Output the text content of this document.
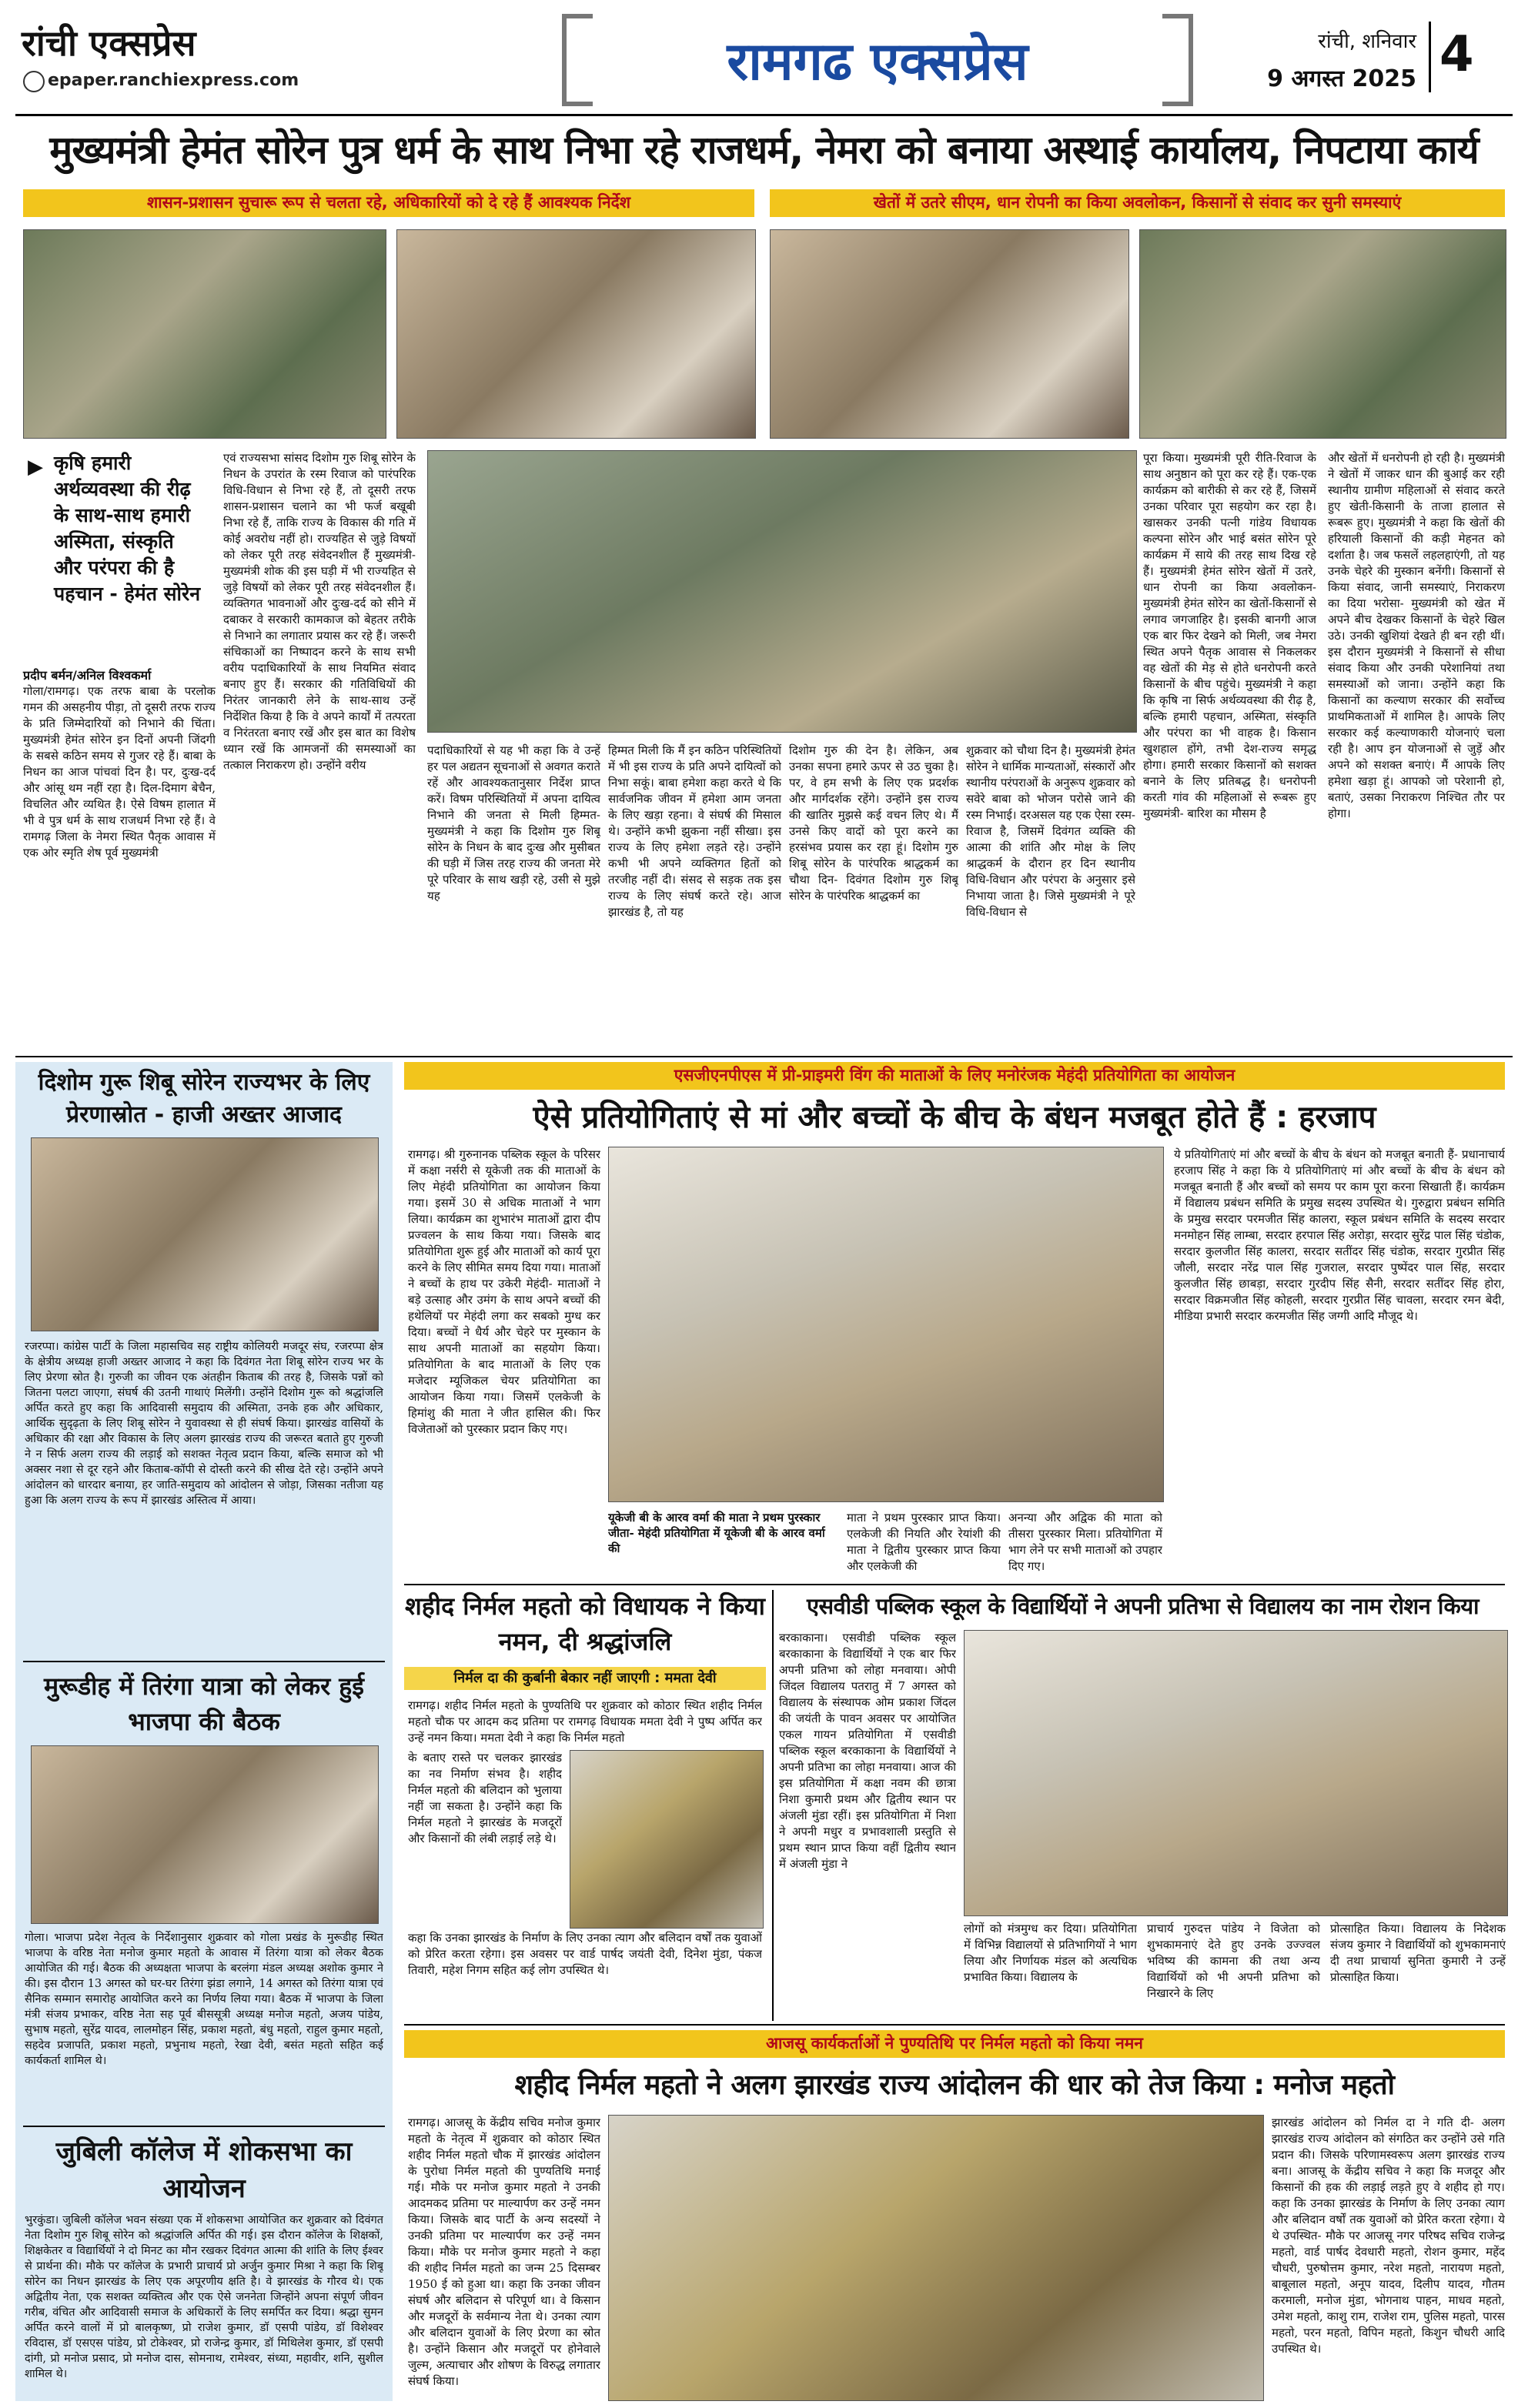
रांची एक्सप्रेस
epaper.ranchiexpress.com	रामगढ एक्सप्रेस	रांची, शनिवार
9 अगस्त 2025 4
मुख्यमंत्री हेमंत सोरेन पुत्र धर्म के साथ निभा रहे राजधर्म, नेमरा को बनाया अस्थाई कार्यालय, निपटाया कार्य
शासन-प्रशासन सुचारू रूप से चलता रहे, अधिकारियों को दे रहे हैं आवश्यक निर्देश	खेतों में उतरे सीएम, धान रोपनी का किया अवलोकन, किसानों से संवाद कर सुनी समस्याएं
▶ कृषि हमारी अर्थव्यवस्था की रीढ़ के साथ-साथ हमारी अस्मिता, संस्कृति और परंपरा की है पहचान - हेमंत सोरेन
प्रदीप बर्मन/अनिल विश्वकर्मा
गोला/रामगढ़। एक तरफ बाबा के परलोक गमन की असहनीय पीड़ा, तो दूसरी तरफ राज्य के प्रति जिम्मेदारियों को निभाने की चिंता। मुख्यमंत्री हेमंत सोरेन इन दिनों अपनी जिंदगी के सबसे कठिन समय से गुजर रहे हैं। बाबा के निधन का आज पांचवां दिन है। पर, दुःख-दर्द और आंसू थम नहीं रहा है। दिल-दिमाग बेचैन, विचलित और व्यथित है। ऐसे विषम हालात में भी वे पुत्र धर्म के साथ राजधर्म निभा रहे हैं। वे रामगढ़ जिला के नेमरा स्थित पैतृक आवास में एक ओर स्मृति शेष पूर्व मुख्यमंत्री
एवं राज्यसभा सांसद दिशोम गुरु शिबू सोरेन के निधन के उपरांत के रस्म रिवाज को पारंपरिक विधि-विधान से निभा रहे हैं, तो दूसरी तरफ शासन-प्रशासन चलाने का भी फर्ज बखूबी निभा रहे हैं, ताकि राज्य के विकास की गति में कोई अवरोध नहीं हो। राज्यहित से जुड़े विषयों को लेकर पूरी तरह संवेदनशील हैं मुख्यमंत्री- मुख्यमंत्री शोक की इस घड़ी में भी राज्यहित से जुड़े विषयों को लेकर पूरी तरह संवेदनशील हैं। व्यक्तिगत भावनाओं और दुःख-दर्द को सीने में दबाकर वे सरकारी कामकाज को बेहतर तरीके से निभाने का लगातार प्रयास कर रहे हैं। जरूरी संचिकाओं का निष्पादन करने के साथ सभी वरीय पदाधिकारियों के साथ नियमित संवाद बनाए हुए हैं। सरकार की गतिविधियों की निरंतर जानकारी लेने के साथ-साथ उन्हें निर्देशित किया है कि वे अपने कार्यों में तत्परता व निरंतरता बनाए रखें और इस बात का विशेष ध्यान रखें कि आमजनों की समस्याओं का तत्काल निराकरण हो। उन्होंने वरीय
पदाधिकारियों से यह भी कहा कि वे उन्हें हर पल अद्यतन सूचनाओं से अवगत कराते रहें और आवश्यकतानुसार निर्देश प्राप्त करें। विषम परिस्थितियों में अपना दायित्व निभाने की जनता से मिली हिम्मत- मुख्यमंत्री ने कहा कि दिशोम गुरु शिबू सोरेन के निधन के बाद दुःख और मुसीबत की घड़ी में जिस तरह राज्य की जनता मेरे पूरे परिवार के साथ खड़ी रहे, उसी से मुझे यह
हिम्मत मिली कि मैं इन कठिन परिस्थितियों में भी इस राज्य के प्रति अपने दायित्वों को निभा सकूं। बाबा हमेशा कहा करते थे कि सार्वजनिक जीवन में हमेशा आम जनता के लिए खड़ा रहना। वे संघर्ष की मिसाल थे। उन्होंने कभी झुकना नहीं सीखा। इस राज्य के लिए हमेशा लड़ते रहे। उन्होंने कभी भी अपने व्यक्तिगत हितों को तरजीह नहीं दी। संसद से सड़क तक इस राज्य के लिए संघर्ष करते रहे। आज झारखंड है, तो यह
दिशोम गुरु की देन है। लेकिन, अब उनका सपना हमारे ऊपर से उठ चुका है। पर, वे हम सभी के लिए एक प्रदर्शक और मार्गदर्शक रहेंगे। उन्होंने इस राज्य की खातिर मुझसे कई वचन लिए थे। मैं उनसे किए वादों को पूरा करने का हरसंभव प्रयास कर रहा हूं। दिशोम गुरु शिबू सोरेन के पारंपरिक श्राद्धकर्म का चौथा दिन- दिवंगत दिशोम गुरु शिबू सोरेन के पारंपरिक श्राद्धकर्म का
शुक्रवार को चौथा दिन है। मुख्यमंत्री हेमंत सोरेन ने धार्मिक मान्यताओं, संस्कारों और स्थानीय परंपराओं के अनुरूप शुक्रवार को सवेरे बाबा को भोजन परोसे जाने की रस्म निभाई। दरअसल यह एक ऐसा रस्म-रिवाज है, जिसमें दिवंगत व्यक्ति की आत्मा की शांति और मोक्ष के लिए श्राद्धकर्म के दौरान हर दिन स्थानीय विधि-विधान और परंपरा के अनुसार इसे निभाया जाता है। जिसे मुख्यमंत्री ने पूरे विधि-विधान से
पूरा किया। मुख्यमंत्री पूरी रीति-रिवाज के साथ अनुष्ठान को पूरा कर रहे हैं। एक-एक कार्यक्रम को बारीकी से कर रहे हैं, जिसमें उनका परिवार पूरा सहयोग कर रहा है। खासकर उनकी पत्नी गांडेय विधायक कल्पना सोरेन और भाई बसंत सोरेन पूरे कार्यक्रम में साये की तरह साथ दिख रहे हैं। मुख्यमंत्री हेमंत सोरेन खेतों में उतरे, धान रोपनी का किया अवलोकन- मुख्यमंत्री हेमंत सोरेन का खेतों-किसानों से लगाव जगजाहिर है। इसकी बानगी आज एक बार फिर देखने को मिली, जब नेमरा स्थित अपने पैतृक आवास से निकलकर वह खेतों की मेड़ से होते धनरोपनी करते किसानों के बीच पहुंचे। मुख्यमंत्री ने कहा कि कृषि ना सिर्फ अर्थव्यवस्था की रीढ़ है, बल्कि हमारी पहचान, अस्मिता, संस्कृति और परंपरा का भी वाहक है। किसान खुशहाल होंगे, तभी देश-राज्य समृद्ध होगा। हमारी सरकार किसानों को सशक्त बनाने के लिए प्रतिबद्ध है। धनरोपनी करती गांव की महिलाओं से रूबरू हुए मुख्यमंत्री- बारिश का मौसम है
और खेतों में धनरोपनी हो रही है। मुख्यमंत्री ने खेतों में जाकर धान की बुआई कर रही स्थानीय ग्रामीण महिलाओं से संवाद करते हुए खेती-किसानी के ताजा हालात से रूबरू हुए। मुख्यमंत्री ने कहा कि खेतों की हरियाली किसानों की कड़ी मेहनत को दर्शाता है। जब फसलें लहलहाएंगी, तो यह उनके चेहरे की मुस्कान बनेंगी। किसानों से किया संवाद, जानी समस्याएं, निराकरण का दिया भरोसा- मुख्यमंत्री को खेत में अपने बीच देखकर किसानों के चेहरे खिल उठे। उनकी खुशियां देखते ही बन रही थीं। इस दौरान मुख्यमंत्री ने किसानों से सीधा संवाद किया और उनकी परेशानियां तथा समस्याओं को जाना। उन्होंने कहा कि किसानों का कल्याण सरकार की सर्वोच्च प्राथमिकताओं में शामिल है। आपके लिए सरकार कई कल्याणकारी योजनाएं चला रही है। आप इन योजनाओं से जुड़ें और अपने को सशक्त बनाएं। मैं आपके लिए हमेशा खड़ा हूं। आपको जो परेशानी हो, बताएं, उसका निराकरण निश्चित तौर पर होगा।
दिशोम गुरू शिबू सोरेन राज्यभर के लिए प्रेरणास्रोत - हाजी अख्तर आजाद
रजरप्पा। कांग्रेस पार्टी के जिला महासचिव सह राष्ट्रीय कोलियरी मजदूर संघ, रजरप्पा क्षेत्र के क्षेत्रीय अध्यक्ष हाजी अख्तर आजाद ने कहा कि दिवंगत नेता शिबू सोरेन राज्य भर के लिए प्रेरणा स्रोत है। गुरुजी का जीवन एक अंतहीन किताब की तरह है, जिसके पन्नों को जितना पलटा जाएगा, संघर्ष की उतनी गाथाएं मिलेंगी। उन्होंने दिशोम गुरू को श्रद्धांजलि अर्पित करते हुए कहा कि आदिवासी समुदाय की अस्मिता, उनके हक और अधिकार, आर्थिक सुदृढ़ता के लिए शिबू सोरेन ने युवावस्था से ही संघर्ष किया। झारखंड वासियों के अधिकार की रक्षा और विकास के लिए अलग झारखंड राज्य की जरूरत बताते हुए गुरुजी ने न सिर्फ अलग राज्य की लड़ाई को सशक्त नेतृत्व प्रदान किया, बल्कि समाज को भी अक्सर नशा से दूर रहने और किताब-कॉपी से दोस्ती करने की सीख देते रहे। उन्होंने अपने आंदोलन को धारदार बनाया, हर जाति-समुदाय को आंदोलन से जोड़ा, जिसका नतीजा यह हुआ कि अलग राज्य के रूप में झारखंड अस्तित्व में आया।
मुरूडीह में तिरंगा यात्रा को लेकर हुई भाजपा की बैठक
गोला। भाजपा प्रदेश नेतृत्व के निर्देशानुसार शुक्रवार को गोला प्रखंड के मुरूडीह स्थित भाजपा के वरिष्ठ नेता मनोज कुमार महतो के आवास में तिरंगा यात्रा को लेकर बैठक आयोजित की गई। बैठक की अध्यक्षता भाजपा के बरलंगा मंडल अध्यक्ष अशोक कुमार ने की। इस दौरान 13 अगस्त को घर-घर तिरंगा झंडा लगाने, 14 अगस्त को तिरंगा यात्रा एवं सैनिक सम्मान समारोह आयोजित करने का निर्णय लिया गया। बैठक में भाजपा के जिला मंत्री संजय प्रभाकर, वरिष्ठ नेता सह पूर्व बीससूत्री अध्यक्ष मनोज महतो, अजय पांडेय, सुभाष महतो, सुरेंद्र यादव, लालमोहन सिंह, प्रकाश महतो, बंधु महतो, राहुल कुमार महतो, सहदेव प्रजापति, प्रकाश महतो, प्रभुनाथ महतो, रेखा देवी, बसंत महतो सहित कई कार्यकर्ता शामिल थे।
जुबिली कॉलेज में शोकसभा का आयोजन
भुरकुंडा। जुबिली कॉलेज भवन संख्या एक में शोकसभा आयोजित कर शुक्रवार को दिवंगत नेता दिशोम गुरु शिबू सोरेन को श्रद्धांजलि अर्पित की गई। इस दौरान कॉलेज के शिक्षकों, शिक्षकेतर व विद्यार्थियों ने दो मिनट का मौन रखकर दिवंगत आत्मा की शांति के लिए ईश्वर से प्रार्थना की। मौके पर कॉलेज के प्रभारी प्राचार्य प्रो अर्जुन कुमार मिश्रा ने कहा कि शिबू सोरेन का निधन झारखंड के लिए एक अपूरणीय क्षति है। वे झारखंड के गौरव थे। एक अद्वितीय नेता, एक सशक्त व्यक्तित्व और एक ऐसे जननेता जिन्होंने अपना संपूर्ण जीवन गरीब, वंचित और आदिवासी समाज के अधिकारों के लिए समर्पित कर दिया। श्रद्धा सुमन अर्पित करने वालों में प्रो बालकृष्ण, प्रो राजेश कुमार, डॉ एसपी पांडेय, डॉ विशेश्वर रविदास, डॉ एसएस पांडेय, प्रो टोकेश्वर, प्रो राजेन्द्र कुमार, डॉ मिथिलेश कुमार, डॉ एसपी दांगी, प्रो मनोज प्रसाद, प्रो मनोज दास, सोमनाथ, रामेश्वर, संध्या, महावीर, शनि, सुशील शामिल थे।
एसजीएनपीएस में प्री-प्राइमरी विंग की माताओं के लिए मनोरंजक मेहंदी प्रतियोगिता का आयोजन
ऐसे प्रतियोगिताएं से मां और बच्चों के बीच के बंधन मजबूत होते हैं : हरजाप
रामगढ़। श्री गुरुनानक पब्लिक स्कूल के परिसर में कक्षा नर्सरी से यूकेजी तक की माताओं के लिए मेहंदी प्रतियोगिता का आयोजन किया गया। इसमें 30 से अधिक माताओं ने भाग लिया। कार्यक्रम का शुभारंभ माताओं द्वारा दीप प्रज्वलन के साथ किया गया। जिसके बाद प्रतियोगिता शुरू हुई और माताओं को कार्य पूरा करने के लिए सीमित समय दिया गया। माताओं ने बच्चों के हाथ पर उकेरी मेहंदी- माताओं ने बड़े उत्साह और उमंग के साथ अपने बच्चों की हथेलियों पर मेहंदी लगा कर सबको मुग्ध कर दिया। बच्चों ने धैर्य और चेहरे पर मुस्कान के साथ अपनी माताओं का सहयोग किया। प्रतियोगिता के बाद माताओं के लिए एक मजेदार म्यूजिकल चेयर प्रतियोगिता का आयोजन किया गया। जिसमें एलकेजी के हिमांशु की माता ने जीत हासिल की। फिर विजेताओं को पुरस्कार प्रदान किए गए।
यूकेजी बी के आरव वर्मा की माता ने प्रथम पुरस्कार जीता- मेहंदी प्रतियोगिता में यूकेजी बी के आरव वर्मा की
माता ने प्रथम पुरस्कार प्राप्त किया। एलकेजी की नियति और रेयांशी की माता ने द्वितीय पुरस्कार प्राप्त किया और एलकेजी की
अनन्या और अद्विक की माता को तीसरा पुरस्कार मिला। प्रतियोगिता में भाग लेने पर सभी माताओं को उपहार दिए गए।
ये प्रतियोगिताएं मां और बच्चों के बीच के बंधन को मजबूत बनाती हैं- प्रधानाचार्य हरजाप सिंह ने कहा कि ये प्रतियोगिताएं मां और बच्चों के बीच के बंधन को मजबूत बनाती हैं और बच्चों को समय पर काम पूरा करना सिखाती हैं। कार्यक्रम में विद्यालय प्रबंधन समिति के प्रमुख सदस्य उपस्थित थे। गुरुद्वारा प्रबंधन समिति के प्रमुख सरदार परमजीत सिंह कालरा, स्कूल प्रबंधन समिति के सदस्य सरदार मनमोहन सिंह लाम्बा, सरदार हरपाल सिंह अरोड़ा, सरदार सुरेंद्र पाल सिंह चंडोक, सरदार कुलजीत सिंह कालरा, सरदार सतींदर सिंह चंडोक, सरदार गुरप्रीत सिंह जौली, सरदार नरेंद्र पाल सिंह गुजराल, सरदार पुष्पेंदर पाल सिंह, सरदार कुलजीत सिंह छाबड़ा, सरदार गुरदीप सिंह सैनी, सरदार सतींदर सिंह होरा, सरदार विक्रमजीत सिंह कोहली, सरदार गुरप्रीत सिंह चावला, सरदार रमन बेदी, मीडिया प्रभारी सरदार करमजीत सिंह जग्गी आदि मौजूद थे।
शहीद निर्मल महतो को विधायक ने किया नमन, दी श्रद्धांजलि
निर्मल दा की कुर्बानी बेकार नहीं जाएगी : ममता देवी
रामगढ़। शहीद निर्मल महतो के पुण्यतिथि पर शुक्रवार को कोठार स्थित शहीद निर्मल महतो चौक पर आदम कद प्रतिमा पर रामगढ़ विधायक ममता देवी ने पुष्प अर्पित कर उन्हें नमन किया। ममता देवी ने कहा कि निर्मल महतो
के बताए रास्ते पर चलकर झारखंड का नव निर्माण संभव है। शहीद निर्मल महतो की बलिदान को भुलाया नहीं जा सकता है। उन्होंने कहा कि निर्मल महतो ने झारखंड के मजदूरों और किसानों की लंबी लड़ाई लड़े थे।
कहा कि उनका झारखंड के निर्माण के लिए उनका त्याग और बलिदान वर्षों तक युवाओं को प्रेरित करता रहेगा। इस अवसर पर वार्ड पार्षद जयंती देवी, दिनेश मुंडा, पंकज तिवारी, महेश निगम सहित कई लोग उपस्थित थे।
एसवीडी पब्लिक स्कूल के विद्यार्थियों ने अपनी प्रतिभा से विद्यालय का नाम रोशन किया
बरकाकाना। एसवीडी पब्लिक स्कूल बरकाकाना के विद्यार्थियों ने एक बार फिर अपनी प्रतिभा को लोहा मनवाया। ओपी जिंदल विद्यालय पतरातु में 7 अगस्त को विद्यालय के संस्थापक ओम प्रकाश जिंदल की जयंती के पावन अवसर पर आयोजित एकल गायन प्रतियोगिता में एसवीडी पब्लिक स्कूल बरकाकाना के विद्यार्थियों ने अपनी प्रतिभा का लोहा मनवाया। आज की इस प्रतियोगिता में कक्षा नवम की छात्रा निशा कुमारी प्रथम और द्वितीय स्थान पर अंजली मुंडा रहीं। इस प्रतियोगिता में निशा ने अपनी मधुर व प्रभावशाली प्रस्तुति से प्रथम स्थान प्राप्त किया वहीं द्वितीय स्थान में अंजली मुंडा ने
लोगों को मंत्रमुग्ध कर दिया। प्रतियोगिता में विभिन्न विद्यालयों से प्रतिभागियों ने भाग लिया और निर्णायक मंडल को अत्यधिक प्रभावित किया। विद्यालय के
प्राचार्य गुरुदत्त पांडेय ने विजेता को शुभकामनाएं देते हुए उनके उज्ज्वल भविष्य की कामना की तथा अन्य विद्यार्थियों को भी अपनी प्रतिभा को निखारने के लिए
प्रोत्साहित किया। विद्यालय के निदेशक संजय कुमार ने विद्यार्थियों को शुभकामनाएं दी तथा प्राचार्या सुनिता कुमारी ने उन्हें प्रोत्साहित किया।
आजसू कार्यकर्ताओं ने पुण्यतिथि पर निर्मल महतो को किया नमन
शहीद निर्मल महतो ने अलग झारखंड राज्य आंदोलन की धार को तेज किया : मनोज महतो
रामगढ़। आजसू के केंद्रीय सचिव मनोज कुमार महतो के नेतृत्व में शुक्रवार को कोठार स्थित शहीद निर्मल महतो चौक में झारखंड आंदोलन के पुरोधा निर्मल महतो की पुण्यतिथि मनाई गई। मौके पर मनोज कुमार महतो ने उनकी आदमकद प्रतिमा पर माल्यार्पण कर उन्हें नमन किया। जिसके बाद पार्टी के अन्य सदस्यों ने उनकी प्रतिमा पर माल्यार्पण कर उन्हें नमन किया। मौके पर मनोज कुमार महतो ने कहा की शहीद निर्मल महतो का जन्म 25 दिसम्बर 1950 ई को हुआ था। कहा कि उनका जीवन संघर्ष और बलिदान से परिपूर्ण था। वे किसान और मजदूरों के सर्वमान्य नेता थे। उनका त्याग और बलिदान युवाओं के लिए प्रेरणा का स्रोत है। उन्होंने किसान और मजदूरों पर होनेवाले जुल्म, अत्याचार और शोषण के विरुद्ध लगातार संघर्ष किया।
झारखंड आंदोलन को निर्मल दा ने गति दी- अलग झारखंड राज्य आंदोलन को संगठित कर उन्होंने उसे गति प्रदान की। जिसके परिणामस्वरूप अलग झारखंड राज्य बना। आजसू के केंद्रीय सचिव ने कहा कि मजदूर और किसानों की हक की लड़ाई लड़ते हुए वे शहीद हो गए। कहा कि उनका झारखंड के निर्माण के लिए उनका त्याग और बलिदान वर्षों तक युवाओं को प्रेरित करता रहेगा। ये थे उपस्थित- मौके पर आजसू नगर परिषद सचिव राजेन्द्र महतो, वार्ड पार्षद देवधारी महतो, रोशन कुमार, महेंद चौधरी, पुरुषोत्तम कुमार, नरेश महतो, नारायण महतो, बाबूलाल महतो, अनूप यादव, दिलीप यादव, गौतम करमाली, मनोज मुंडा, भोगनाथ पाहन, माधव महतो, उमेश महतो, काशु राम, राजेश राम, पुलिस महतो, पारस महतो, परन महतो, विपिन महतो, किशुन चौधरी आदि उपस्थित थे।
